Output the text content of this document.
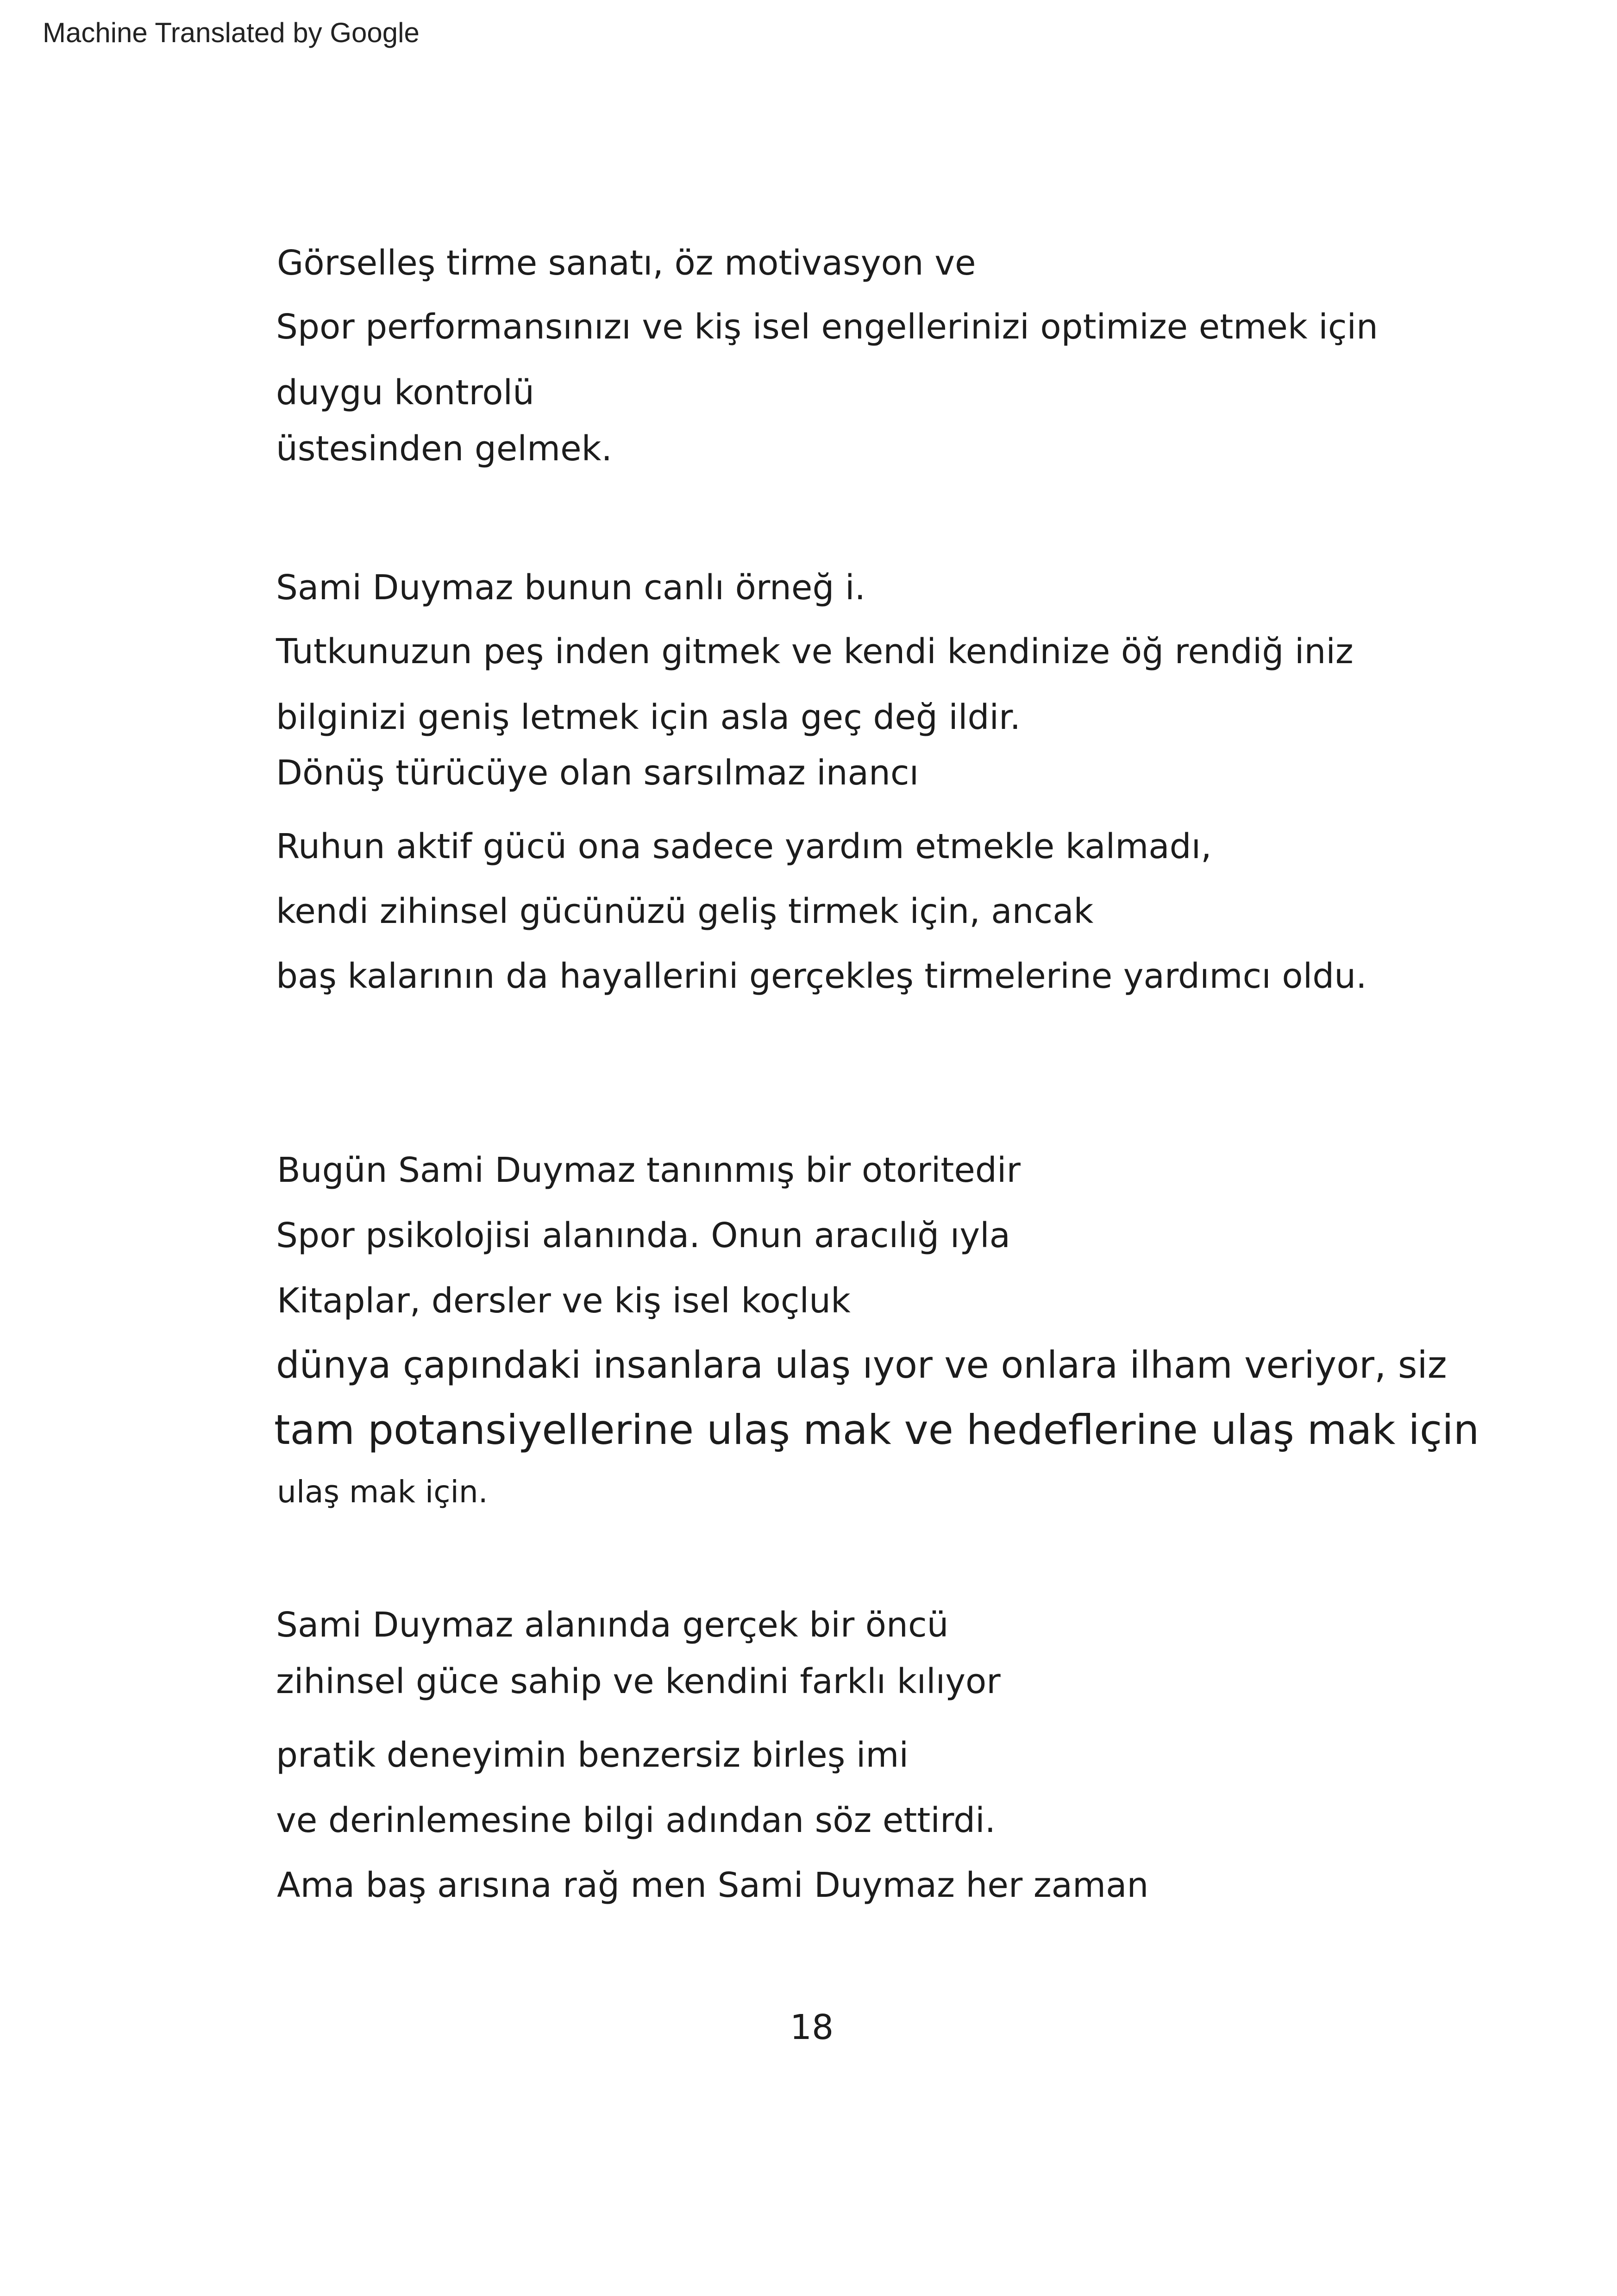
Machine Translated by Google
Görselleş tirme sanatı, öz motivasyon ve
Spor performansınızı ve kiş isel engellerinizi optimize etmek için
duygu kontrolü
üstesinden gelmek.
Sami Duymaz bunun canlı örneğ i.
Tutkunuzun peş inden gitmek ve kendi kendinize öğ rendiğ iniz
bilginizi geniş letmek için asla geç değ ildir.
Dönüş türücüye olan sarsılmaz inancı
Ruhun aktif gücü ona sadece yardım etmekle kalmadı,
kendi zihinsel gücünüzü geliş tirmek için, ancak
baş kalarının da hayallerini gerçekleş tirmelerine yardımcı oldu.
Bugün Sami Duymaz tanınmış bir otoritedir
Spor psikolojisi alanında. Onun aracılığ ıyla
Kitaplar, dersler ve kiş isel koçluk
dünya çapındaki insanlara ulaş ıyor ve onlara ilham veriyor, siz
tam potansiyellerine ulaş mak ve hedeflerine ulaş mak için
ulaş mak için.
Sami Duymaz alanında gerçek bir öncü
zihinsel güce sahip ve kendini farklı kılıyor
pratik deneyimin benzersiz birleş imi
ve derinlemesine bilgi adından söz ettirdi.
Ama baş arısına rağ men Sami Duymaz her zaman
18
